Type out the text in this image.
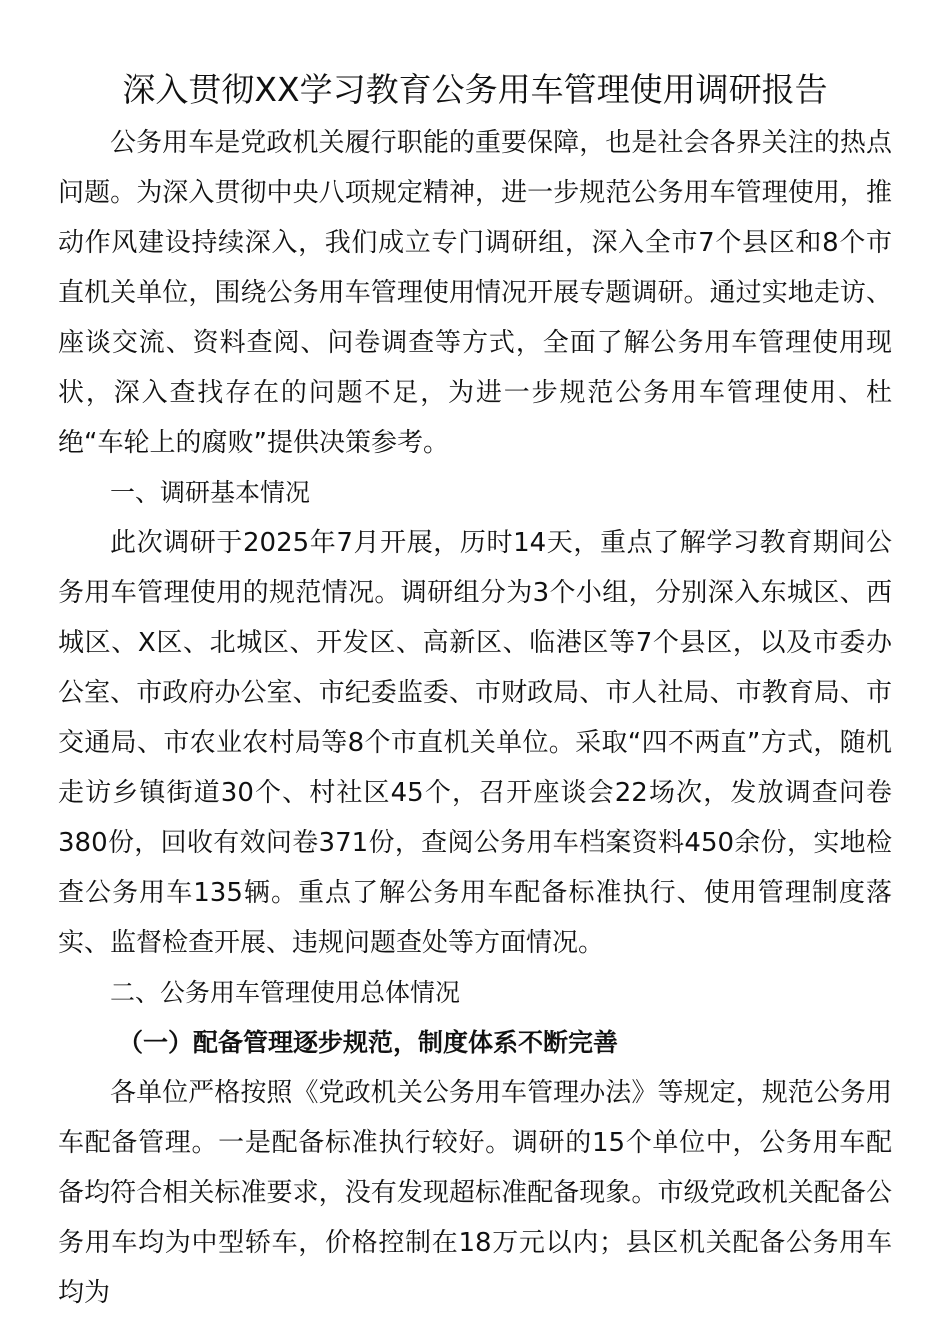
深入贯彻XX学习教育公务用车管理使用调研报告

公务用车是党政机关履行职能的重要保障，也是社会各界关注的热点问题。为深入贯彻中央八项规定精神，进一步规范公务用车管理使用，推动作风建设持续深入，我们成立专门调研组，深入全市7个县区和8个市直机关单位，围绕公务用车管理使用情况开展专题调研。通过实地走访、座谈交流、资料查阅、问卷调查等方式，全面了解公务用车管理使用现状，深入查找存在的问题不足，为进一步规范公务用车管理使用、杜绝“车轮上的腐败”提供决策参考。

一、调研基本情况

此次调研于2025年7月开展，历时14天，重点了解学习教育期间公务用车管理使用的规范情况。调研组分为3个小组，分别深入东城区、西城区、X区、北城区、开发区、高新区、临港区等7个县区，以及市委办公室、市政府办公室、市纪委监委、市财政局、市人社局、市教育局、市交通局、市农业农村局等8个市直机关单位。采取“四不两直”方式，随机走访乡镇街道30个、村社区45个，召开座谈会22场次，发放调查问卷380份，回收有效问卷371份，查阅公务用车档案资料450余份，实地检查公务用车135辆。重点了解公务用车配备标准执行、使用管理制度落实、监督检查开展、违规问题查处等方面情况。

二、公务用车管理使用总体情况

（一）配备管理逐步规范，制度体系不断完善

各单位严格按照《党政机关公务用车管理办法》等规定，规范公务用车配备管理。一是配备标准执行较好。调研的15个单位中，公务用车配备均符合相关标准要求，没有发现超标准配备现象。市级党政机关配备公务用车均为中型轿车，价格控制在18万元以内；县区机关配备公务用车均为
